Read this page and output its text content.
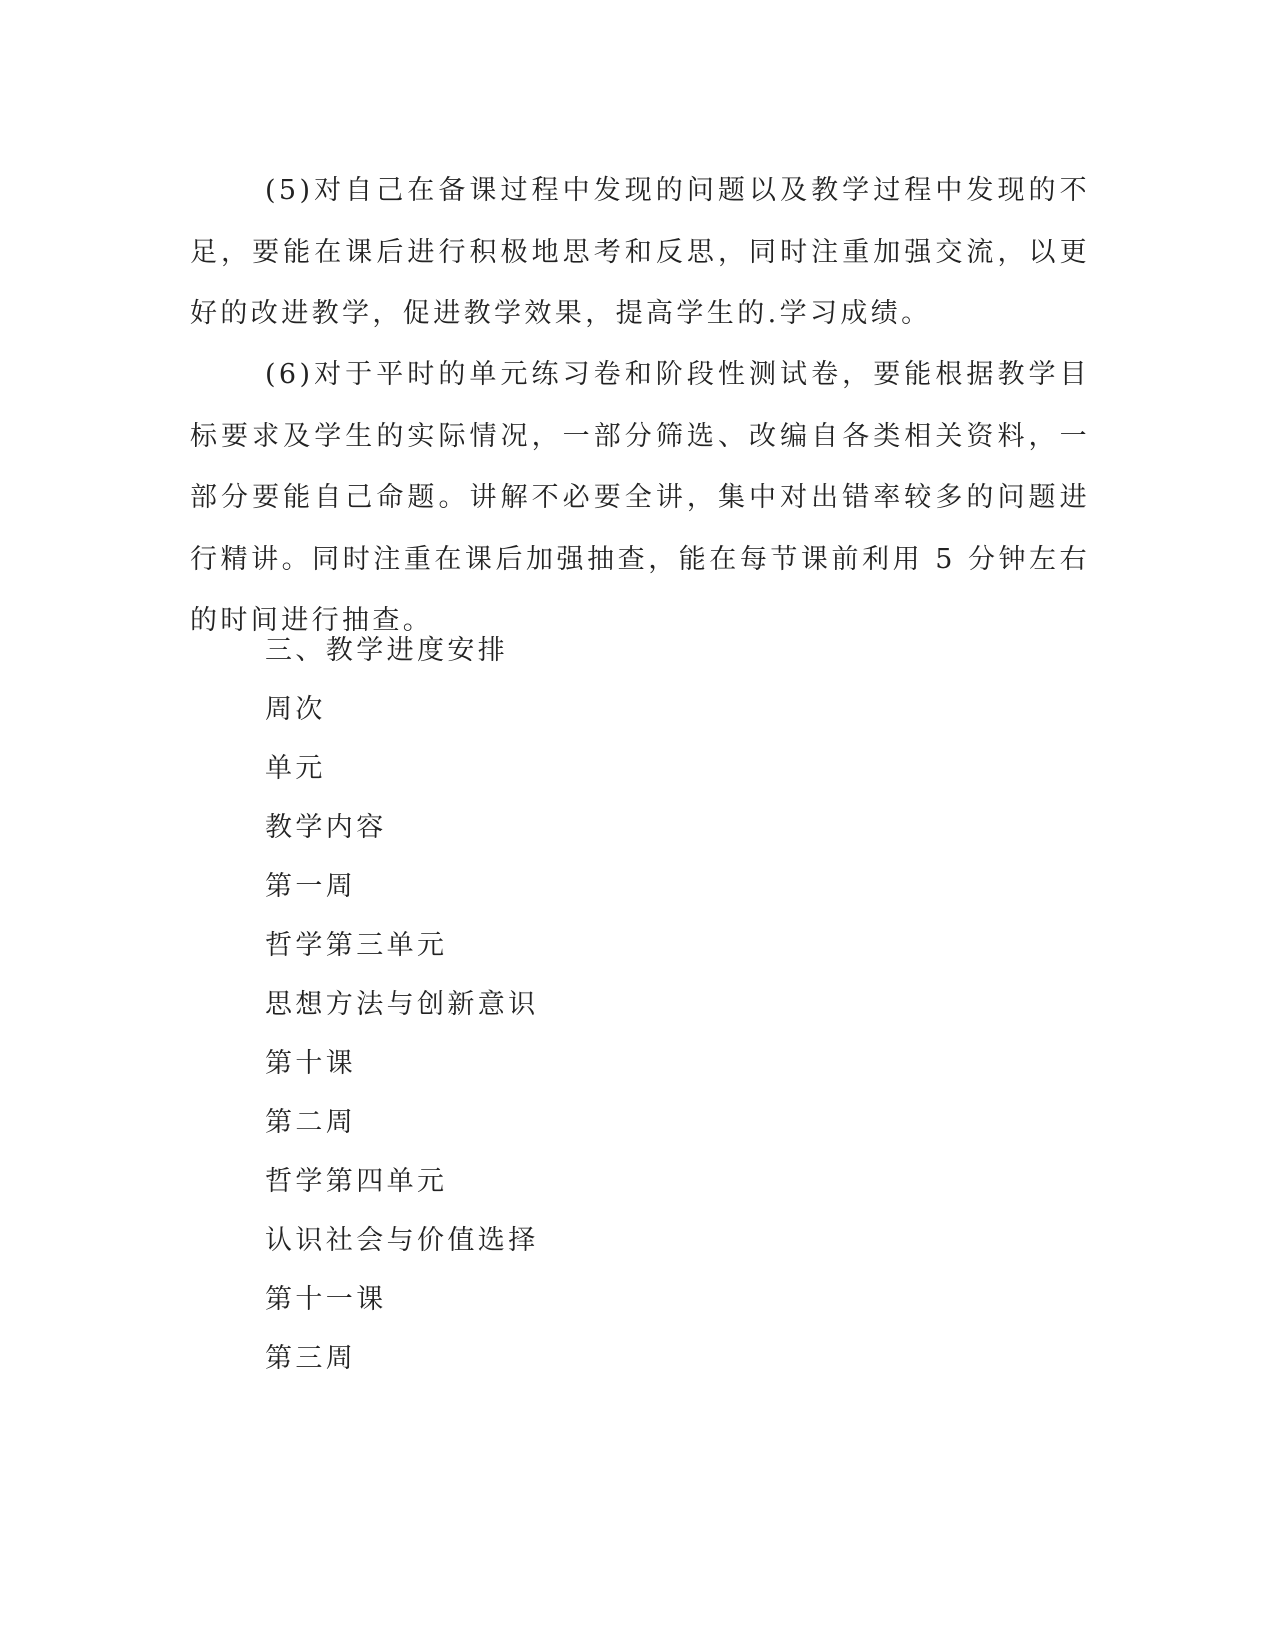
(5)对自己在备课过程中发现的问题以及教学过程中发现的不足，要能在课后进行积极地思考和反思，同时注重加强交流，以更好的改进教学，促进教学效果，提高学生的.学习成绩。

(6)对于平时的单元练习卷和阶段性测试卷，要能根据教学目标要求及学生的实际情况，一部分筛选、改编自各类相关资料，一部分要能自己命题。讲解不必要全讲，集中对出错率较多的问题进行精讲。同时注重在课后加强抽查，能在每节课前利用 5 分钟左右的时间进行抽查。

三、教学进度安排

周次

单元

教学内容

第一周

哲学第三单元

思想方法与创新意识

第十课

第二周

哲学第四单元

认识社会与价值选择

第十一课

第三周
